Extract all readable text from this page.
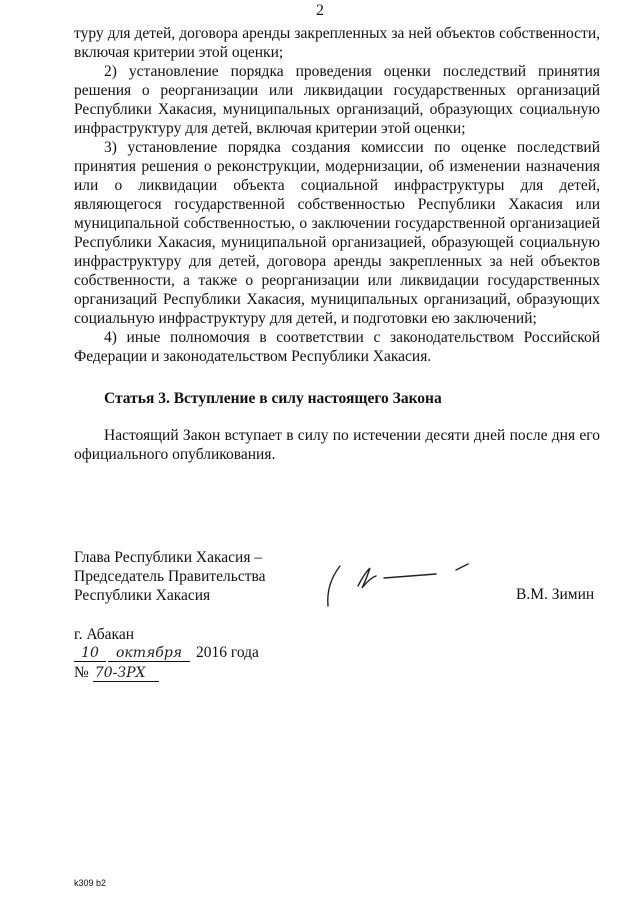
2

туру для детей, договора аренды закрепленных за ней объектов собственности, включая критерии этой оценки;

2) установление порядка проведения оценки последствий принятия решения о реорганизации или ликвидации государственных организаций Республики Хакасия, муниципальных организаций, образующих социальную инфраструктуру для детей, включая критерии этой оценки;

3) установление порядка создания комиссии по оценке последствий принятия решения о реконструкции, модернизации, об изменении назначения или о ликвидации объекта социальной инфраструктуры для детей, являющегося государственной собственностью Республики Хакасия или муниципальной собственностью, о заключении государственной организацией Республики Хакасия, муниципальной организацией, образующей социальную инфраструктуру для детей, договора аренды закрепленных за ней объектов собственности, а также о реорганизации или ликвидации государственных организаций Республики Хакасия, муниципальных организаций, образующих социальную инфраструктуру для детей, и подготовки ею заключений;

4) иные полномочия в соответствии с законодательством Российской Федерации и законодательством Республики Хакасия.

Статья 3. Вступление в силу настоящего Закона

Настоящий Закон вступает в силу по истечении десяти дней после дня его официального опубликования.

Глава Республики Хакасия –
Председатель Правительства
Республики Хакасия	В.М. Зимин
г. Абакан
10	октября 2016 года
№ 70-ЗРХ
k309 b2
